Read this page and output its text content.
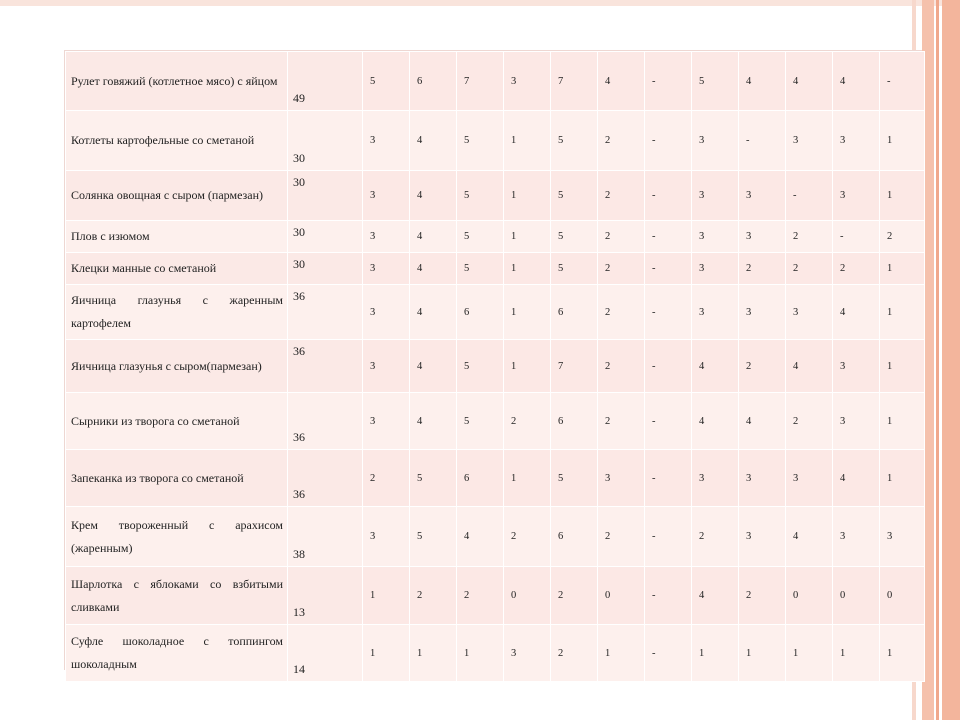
Рулет говяжий (котлетное мясо) с яйцом	49	5	6	7	3	7	4	-	5	4	4	4	-
Котлеты картофельные со сметаной	30	3	4	5	1	5	2	-	3	-	3	3	1
Солянка овощная с сыром (пармезан)	30	3	4	5	1	5	2	-	3	3	-	3	1
Плов с изюмом	30	3	4	5	1	5	2	-	3	3	2	-	2
Клецки манные со сметаной	30	3	4	5	1	5	2	-	3	2	2	2	1
Яичница глазунья с жаренным картофелем	36	3	4	6	1	6	2	-	3	3	3	4	1
Яичница глазунья с сыром(пармезан)	36	3	4	5	1	7	2	-	4	2	4	3	1
Сырники из творога со сметаной	36	3	4	5	2	6	2	-	4	4	2	3	1
Запеканка из творога со сметаной	36	2	5	6	1	5	3	-	3	3	3	4	1
Крем твороженный с арахисом (жаренным)	38	3	5	4	2	6	2	-	2	3	4	3	3
Шарлотка с яблоками со взбитыми сливками	13	1	2	2	0	2	0	-	4	2	0	0	0
Суфле шоколадное с топпингом шоколадным	14	1	1	1	3	2	1	-	1	1	1	1	1
